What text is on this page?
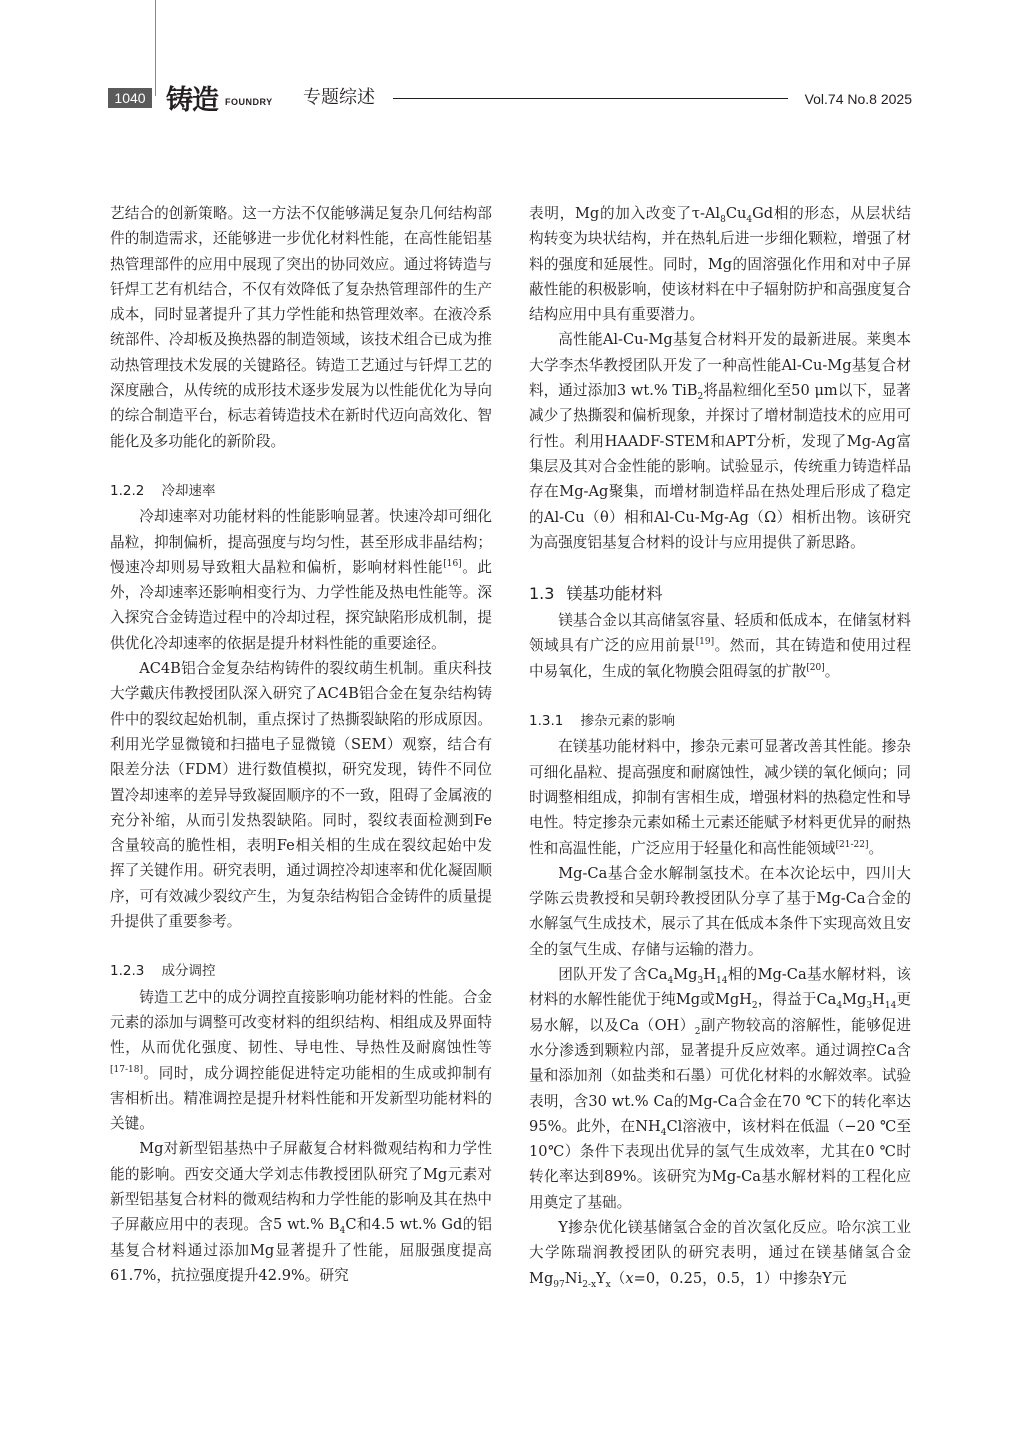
1040 铸造 FOUNDRY 专题综述	Vol.74 No.8 2025

艺结合的创新策略。这一方法不仅能够满足复杂几何结构部件的制造需求，还能够进一步优化材料性能，在高性能铝基热管理部件的应用中展现了突出的协同效应。通过将铸造与钎焊工艺有机结合，不仅有效降低了复杂热管理部件的生产成本，同时显著提升了其力学性能和热管理效率。在液冷系统部件、冷却板及换热器的制造领域，该技术组合已成为推动热管理技术发展的关键路径。铸造工艺通过与钎焊工艺的深度融合，从传统的成形技术逐步发展为以性能优化为导向的综合制造平台，标志着铸造技术在新时代迈向高效化、智能化及多功能化的新阶段。

1.2.2 冷却速率

冷却速率对功能材料的性能影响显著。快速冷却可细化晶粒，抑制偏析，提高强度与均匀性，甚至形成非晶结构；慢速冷却则易导致粗大晶粒和偏析，影响材料性能[16]。此外，冷却速率还影响相变行为、力学性能及热电性能等。深入探究合金铸造过程中的冷却过程，探究缺陷形成机制，提供优化冷却速率的依据是提升材料性能的重要途径。

AC4B铝合金复杂结构铸件的裂纹萌生机制。重庆科技大学戴庆伟教授团队深入研究了AC4B铝合金在复杂结构铸件中的裂纹起始机制，重点探讨了热撕裂缺陷的形成原因。利用光学显微镜和扫描电子显微镜（SEM）观察，结合有限差分法（FDM）进行数值模拟，研究发现，铸件不同位置冷却速率的差异导致凝固顺序的不一致，阻碍了金属液的充分补缩，从而引发热裂缺陷。同时，裂纹表面检测到Fe含量较高的脆性相，表明Fe相关相的生成在裂纹起始中发挥了关键作用。研究表明，通过调控冷却速率和优化凝固顺序，可有效减少裂纹产生，为复杂结构铝合金铸件的质量提升提供了重要参考。

1.2.3 成分调控

铸造工艺中的成分调控直接影响功能材料的性能。合金元素的添加与调整可改变材料的组织结构、相组成及界面特性，从而优化强度、韧性、导电性、导热性及耐腐蚀性等[17-18]。同时，成分调控能促进特定功能相的生成或抑制有害相析出。精准调控是提升材料性能和开发新型功能材料的关键。

Mg对新型铝基热中子屏蔽复合材料微观结构和力学性能的影响。西安交通大学刘志伟教授团队研究了Mg元素对新型铝基复合材料的微观结构和力学性能的影响及其在热中子屏蔽应用中的表现。含5 wt.% $B_4C$和4.5 wt.% Gd的铝基复合材料通过添加Mg显著提升了性能，屈服强度提高61.7%，抗拉强度提升42.9%。研究

表明，Mg的加入改变了$\tau-Al_8Cu_4Gd$相的形态，从层状结构转变为块状结构，并在热轧后进一步细化颗粒，增强了材料的强度和延展性。同时，Mg的固溶强化作用和对中子屏蔽性能的积极影响，使该材料在中子辐射防护和高强度复合结构应用中具有重要潜力。

高性能Al-Cu-Mg基复合材料开发的最新进展。莱奥本大学李杰华教授团队开发了一种高性能Al-Cu-Mg基复合材料，通过添加3 wt.% TiB$_2$将晶粒细化至50 μm以下，显著减少了热撕裂和偏析现象，并探讨了增材制造技术的应用可行性。利用HAADF-STEM和APT分析，发现了Mg-Ag富集层及其对合金性能的影响。试验显示，传统重力铸造样品存在Mg-Ag聚集，而增材制造样品在热处理后形成了稳定的Al-Cu（θ）相和Al-Cu-Mg-Ag（Ω）相析出物。该研究为高强度铝基复合材料的设计与应用提供了新思路。

1.3 镁基功能材料

镁基合金以其高储氢容量、轻质和低成本，在储氢材料领域具有广泛的应用前景[19]。然而，其在铸造和使用过程中易氧化，生成的氧化物膜会阻碍氢的扩散[20]。

1.3.1 掺杂元素的影响

在镁基功能材料中，掺杂元素可显著改善其性能。掺杂可细化晶粒、提高强度和耐腐蚀性，减少镁的氧化倾向；同时调整相组成，抑制有害相生成，增强材料的热稳定性和导电性。特定掺杂元素如稀土元素还能赋予材料更优异的耐热性和高温性能，广泛应用于轻量化和高性能领域[21-22]。

Mg-Ca基合金水解制氢技术。在本次论坛中，四川大学陈云贵教授和吴朝玲教授团队分享了基于Mg-Ca合金的水解氢气生成技术，展示了其在低成本条件下实现高效且安全的氢气生成、存储与运输的潜力。

团队开发了含$Ca_4Mg_3H_{14}$相的Mg-Ca基水解材料，该材料的水解性能优于纯Mg或MgH$_2$，得益于$Ca_4Mg_3H_{14}$更易水解，以及$Ca(OH)_2$副产物较高的溶解性，能够促进水分渗透到颗粒内部，显著提升反应效率。通过调控Ca含量和添加剂（如盐类和石墨）可优化材料的水解效率。试验表明，含30 wt.% Ca的Mg-Ca合金在70 ℃下的转化率达95%。此外，在$NH_4Cl$溶液中，该材料在低温（−20 ℃至10℃）条件下表现出优异的氢气生成效率，尤其在0 ℃时转化率达到89%。该研究为Mg-Ca基水解材料的工程化应用奠定了基础。

Y掺杂优化镁基储氢合金的首次氢化反应。哈尔滨工业大学陈瑞润教授团队的研究表明，通过在镁基储氢合金$Mg_{97}Ni_{2-x}Y_x(x=0$，0.25，0.5，1）中掺杂Y元
